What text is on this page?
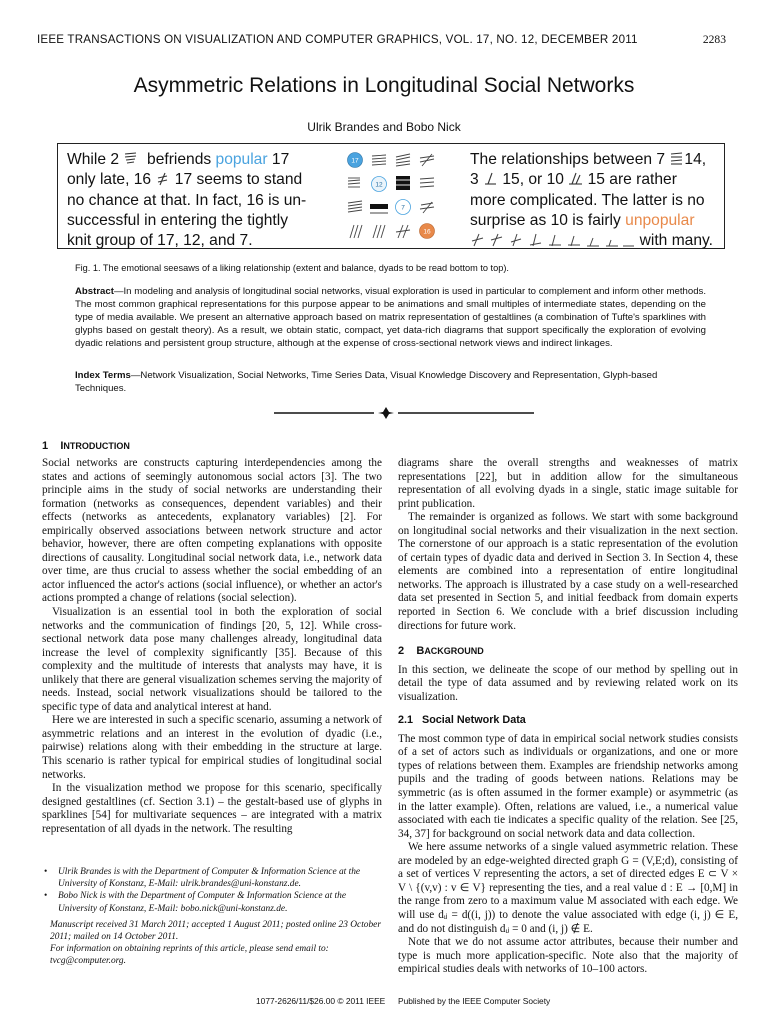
IEEE TRANSACTIONS ON VISUALIZATION AND COMPUTER GRAPHICS, VOL. 17, NO. 12, DECEMBER 2011	2283
Asymmetric Relations in Longitudinal Social Networks
Ulrik Brandes and Bobo Nick
While 2 befriends popular 17
only late, 16 17 seems to stand
no chance at that. In fact, 16 is un-
successful in entering the tightly
knit group of 17, 12, and 7.
17
12
7
16
The relationships between 7 14,
3 15, or 10 15 are rather
more complicated. The latter is no
surprise as 10 is fairly unpopular
with many.
Fig. 1. The emotional seesaws of a liking relationship (extent and balance, dyads to be read bottom to top).
Abstract—In modeling and analysis of longitudinal social networks, visual exploration is used in particular to complement and inform other methods. The most common graphical representations for this purpose appear to be animations and small multiples of intermediate states, depending on the type of media available. We present an alternative approach based on matrix representation of gestaltlines (a combination of Tufte's sparklines with glyphs based on gestalt theory). As a result, we obtain static, compact, yet data-rich diagrams that support specifically the exploration of evolving dyadic relations and persistent group structure, although at the expense of cross-sectional network views and indirect linkages.
Index Terms—Network Visualization, Social Networks, Time Series Data, Visual Knowledge Discovery and Representation, Glyph-based Techniques.
1 INTRODUCTION

Social networks are constructs capturing interdependencies among the states and actions of seemingly autonomous social actors [3]. The two principle aims in the study of social networks are understanding their formation (networks as consequences, dependent variables) and their effects (networks as antecedents, explanatory variables) [2]. For empirically observed associations between network structure and actor behavior, however, there are often competing explanations with opposite directions of causality. Longitudinal social network data, i.e., network data over time, are thus crucial to assess whether the social embedding of an actor influenced the actor's actions (social influence), or whether an actor's actions prompted a change of relations (social selection).

Visualization is an essential tool in both the exploration of social networks and the communication of findings [20, 5, 12]. While cross-sectional network data pose many challenges already, longitudinal data increase the level of complexity significantly [35]. Because of this complexity and the multitude of interests that analysts may have, it is unlikely that there are general visualization schemes serving the majority of needs. Instead, social network visualizations should be tailored to the specific type of data and analytical interest at hand.

Here we are interested in such a specific scenario, assuming a network of asymmetric relations and an interest in the evolution of dyadic (i.e., pairwise) relations along with their embedding in the structure at large. This scenario is rather typical for empirical studies of longitudinal social networks.

In the visualization method we propose for this scenario, specifically designed gestaltlines (cf. Section 3.1) – the gestalt-based use of glyphs in sparklines [54] for multivariate sequences – are integrated with a matrix representation of all dyads in the network. The resulting

• Ulrik Brandes is with the Department of Computer & Information Science at the University of Konstanz, E-Mail: ulrik.brandes@uni-konstanz.de.
• Bobo Nick is with the Department of Computer & Information Science at the University of Konstanz, E-Mail: bobo.nick@uni-konstanz.de.
Manuscript received 31 March 2011; accepted 1 August 2011; posted online 23 October 2011; mailed on 14 October 2011.
For information on obtaining reprints of this article, please send email to: tvcg@computer.org.

diagrams share the overall strengths and weaknesses of matrix representations [22], but in addition allow for the simultaneous representation of all evolving dyads in a single, static image suitable for print publication.

The remainder is organized as follows. We start with some background on longitudinal social networks and their visualization in the next section. The cornerstone of our approach is a static representation of the evolution of certain types of dyadic data and derived in Section 3. In Section 4, these elements are combined into a representation of entire longitudinal networks. The approach is illustrated by a case study on a well-researched data set presented in Section 5, and initial feedback from domain experts reported in Section 6. We conclude with a brief discussion including directions for future work.

2 BACKGROUND

In this section, we delineate the scope of our method by spelling out in detail the type of data assumed and by reviewing related work on its visualization.

2.1   Social Network Data

The most common type of data in empirical social network studies consists of a set of actors such as individuals or organizations, and one or more types of relations between them. Examples are friendship networks among pupils and the trading of goods between nations. Relations may be symmetric (as is often assumed in the former example) or asymmetric (as in the latter example). Often, relations are valued, i.e., a numerical value associated with each tie indicates a specific quality of the relation. See [25, 34, 37] for background on social network data and data collection.

We here assume networks of a single valued asymmetric relation. These are modeled by an edge-weighted directed graph G = (V,E;d), consisting of a set of vertices V representing the actors, a set of directed edges E ⊂ V × V \ {(v,v) : v ∈ V} representing the ties, and a real value d : E → [0,M] in the range from zero to a maximum value M associated with each edge. We will use dᵢⱼ = d((i, j)) to denote the value associated with edge (i, j) ∈ E, and do not distinguish dᵢⱼ = 0 and (i, j) ∉ E.

Note that we do not assume actor attributes, because their number and type is much more application-specific. Note also that the majority of empirical studies deals with networks of 10–100 actors.

1077-2626/11/$26.00 © 2011 IEEE Published by the IEEE Computer Society
